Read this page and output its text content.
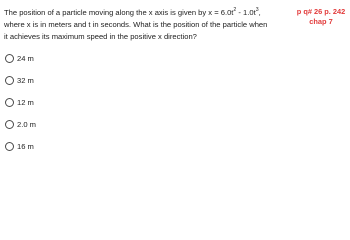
The position of a particle moving along the x axis is given by $x = 6.0t^2 - 1.0t^3$,
where x is in meters and t in seconds. What is the position of the particle when
it achieves its maximum speed in the positive x direction?
p q# 26 p. 242
chap 7
24 m
32 m
12 m
2.0 m
16 m
